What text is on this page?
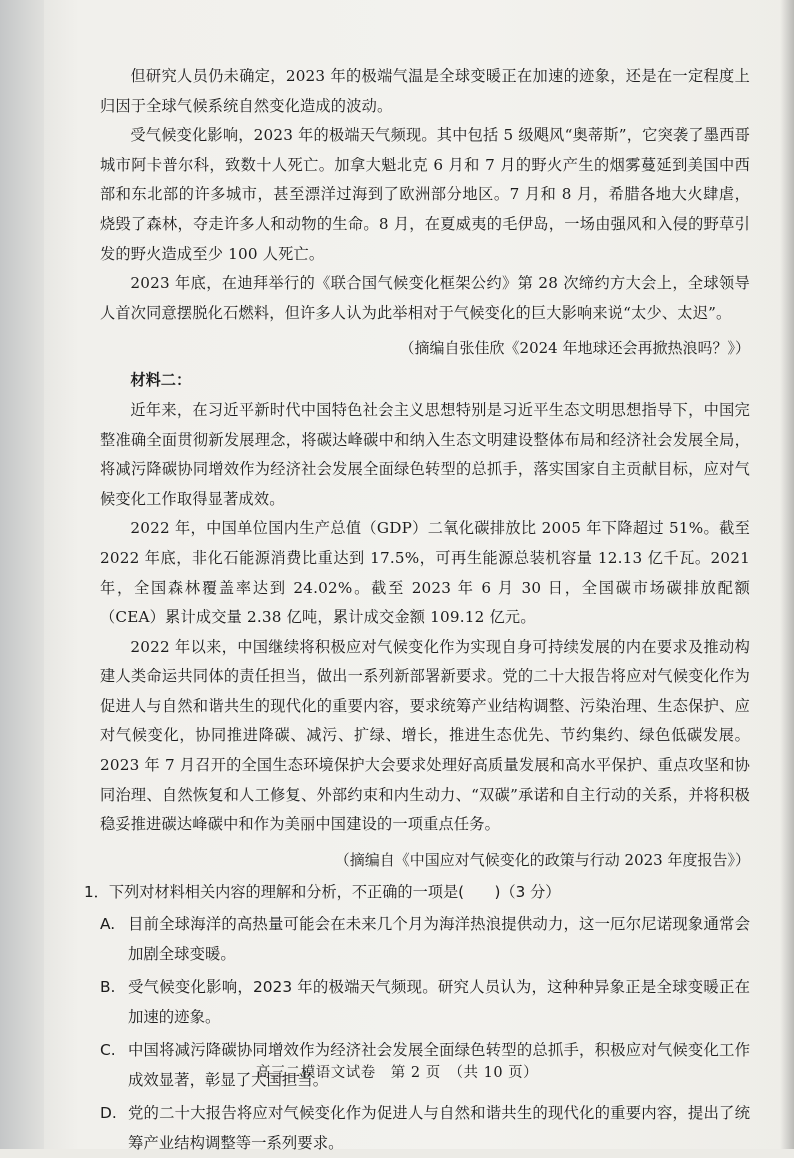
但研究人员仍未确定，2023 年的极端气温是全球变暖正在加速的迹象，还是在一定程度上归因于全球气候系统自然变化造成的波动。

受气候变化影响，2023 年的极端天气频现。其中包括 5 级飓风“奥蒂斯”，它突袭了墨西哥城市阿卡普尔科，致数十人死亡。加拿大魁北克 6 月和 7 月的野火产生的烟雾蔓延到美国中西部和东北部的许多城市，甚至漂洋过海到了欧洲部分地区。7 月和 8 月，希腊各地大火肆虐，烧毁了森林，夺走许多人和动物的生命。8 月，在夏威夷的毛伊岛，一场由强风和入侵的野草引发的野火造成至少 100 人死亡。

2023 年底，在迪拜举行的《联合国气候变化框架公约》第 28 次缔约方大会上，全球领导人首次同意摆脱化石燃料，但许多人认为此举相对于气候变化的巨大影响来说“太少、太迟”。

（摘编自张佳欣《2024 年地球还会再掀热浪吗？》）

材料二：

近年来，在习近平新时代中国特色社会主义思想特别是习近平生态文明思想指导下，中国完整准确全面贯彻新发展理念，将碳达峰碳中和纳入生态文明建设整体布局和经济社会发展全局，将减污降碳协同增效作为经济社会发展全面绿色转型的总抓手，落实国家自主贡献目标，应对气候变化工作取得显著成效。

2022 年，中国单位国内生产总值（GDP）二氧化碳排放比 2005 年下降超过 51%。截至 2022 年底，非化石能源消费比重达到 17.5%，可再生能源总装机容量 12.13 亿千瓦。2021 年，全国森林覆盖率达到 24.02%。截至 2023 年 6 月 30 日，全国碳市场碳排放配额（CEA）累计成交量 2.38 亿吨，累计成交金额 109.12 亿元。

2022 年以来，中国继续将积极应对气候变化作为实现自身可持续发展的内在要求及推动构建人类命运共同体的责任担当，做出一系列新部署新要求。党的二十大报告将应对气候变化作为促进人与自然和谐共生的现代化的重要内容，要求统筹产业结构调整、污染治理、生态保护、应对气候变化，协同推进降碳、减污、扩绿、增长，推进生态优先、节约集约、绿色低碳发展。2023 年 7 月召开的全国生态环境保护大会要求处理好高质量发展和高水平保护、重点攻坚和协同治理、自然恢复和人工修复、外部约束和内生动力、“双碳”承诺和自主行动的关系，并将积极稳妥推进碳达峰碳中和作为美丽中国建设的一项重点任务。

（摘编自《中国应对气候变化的政策与行动 2023 年度报告》）

1．下列对材料相关内容的理解和分析，不正确的一项是(　　)（3 分）

A. 目前全球海洋的高热量可能会在未来几个月为海洋热浪提供动力，这一厄尔尼诺现象通常会加剧全球变暖。
B. 受气候变化影响，2023 年的极端天气频现。研究人员认为，这种种异象正是全球变暖正在加速的迹象。
C. 中国将减污降碳协同增效作为经济社会发展全面绿色转型的总抓手，积极应对气候变化工作成效显著，彰显了大国担当。
D. 党的二十大报告将应对气候变化作为促进人与自然和谐共生的现代化的重要内容，提出了统筹产业结构调整等一系列要求。
高三二模语文试卷　第 2 页　（共 10 页）
